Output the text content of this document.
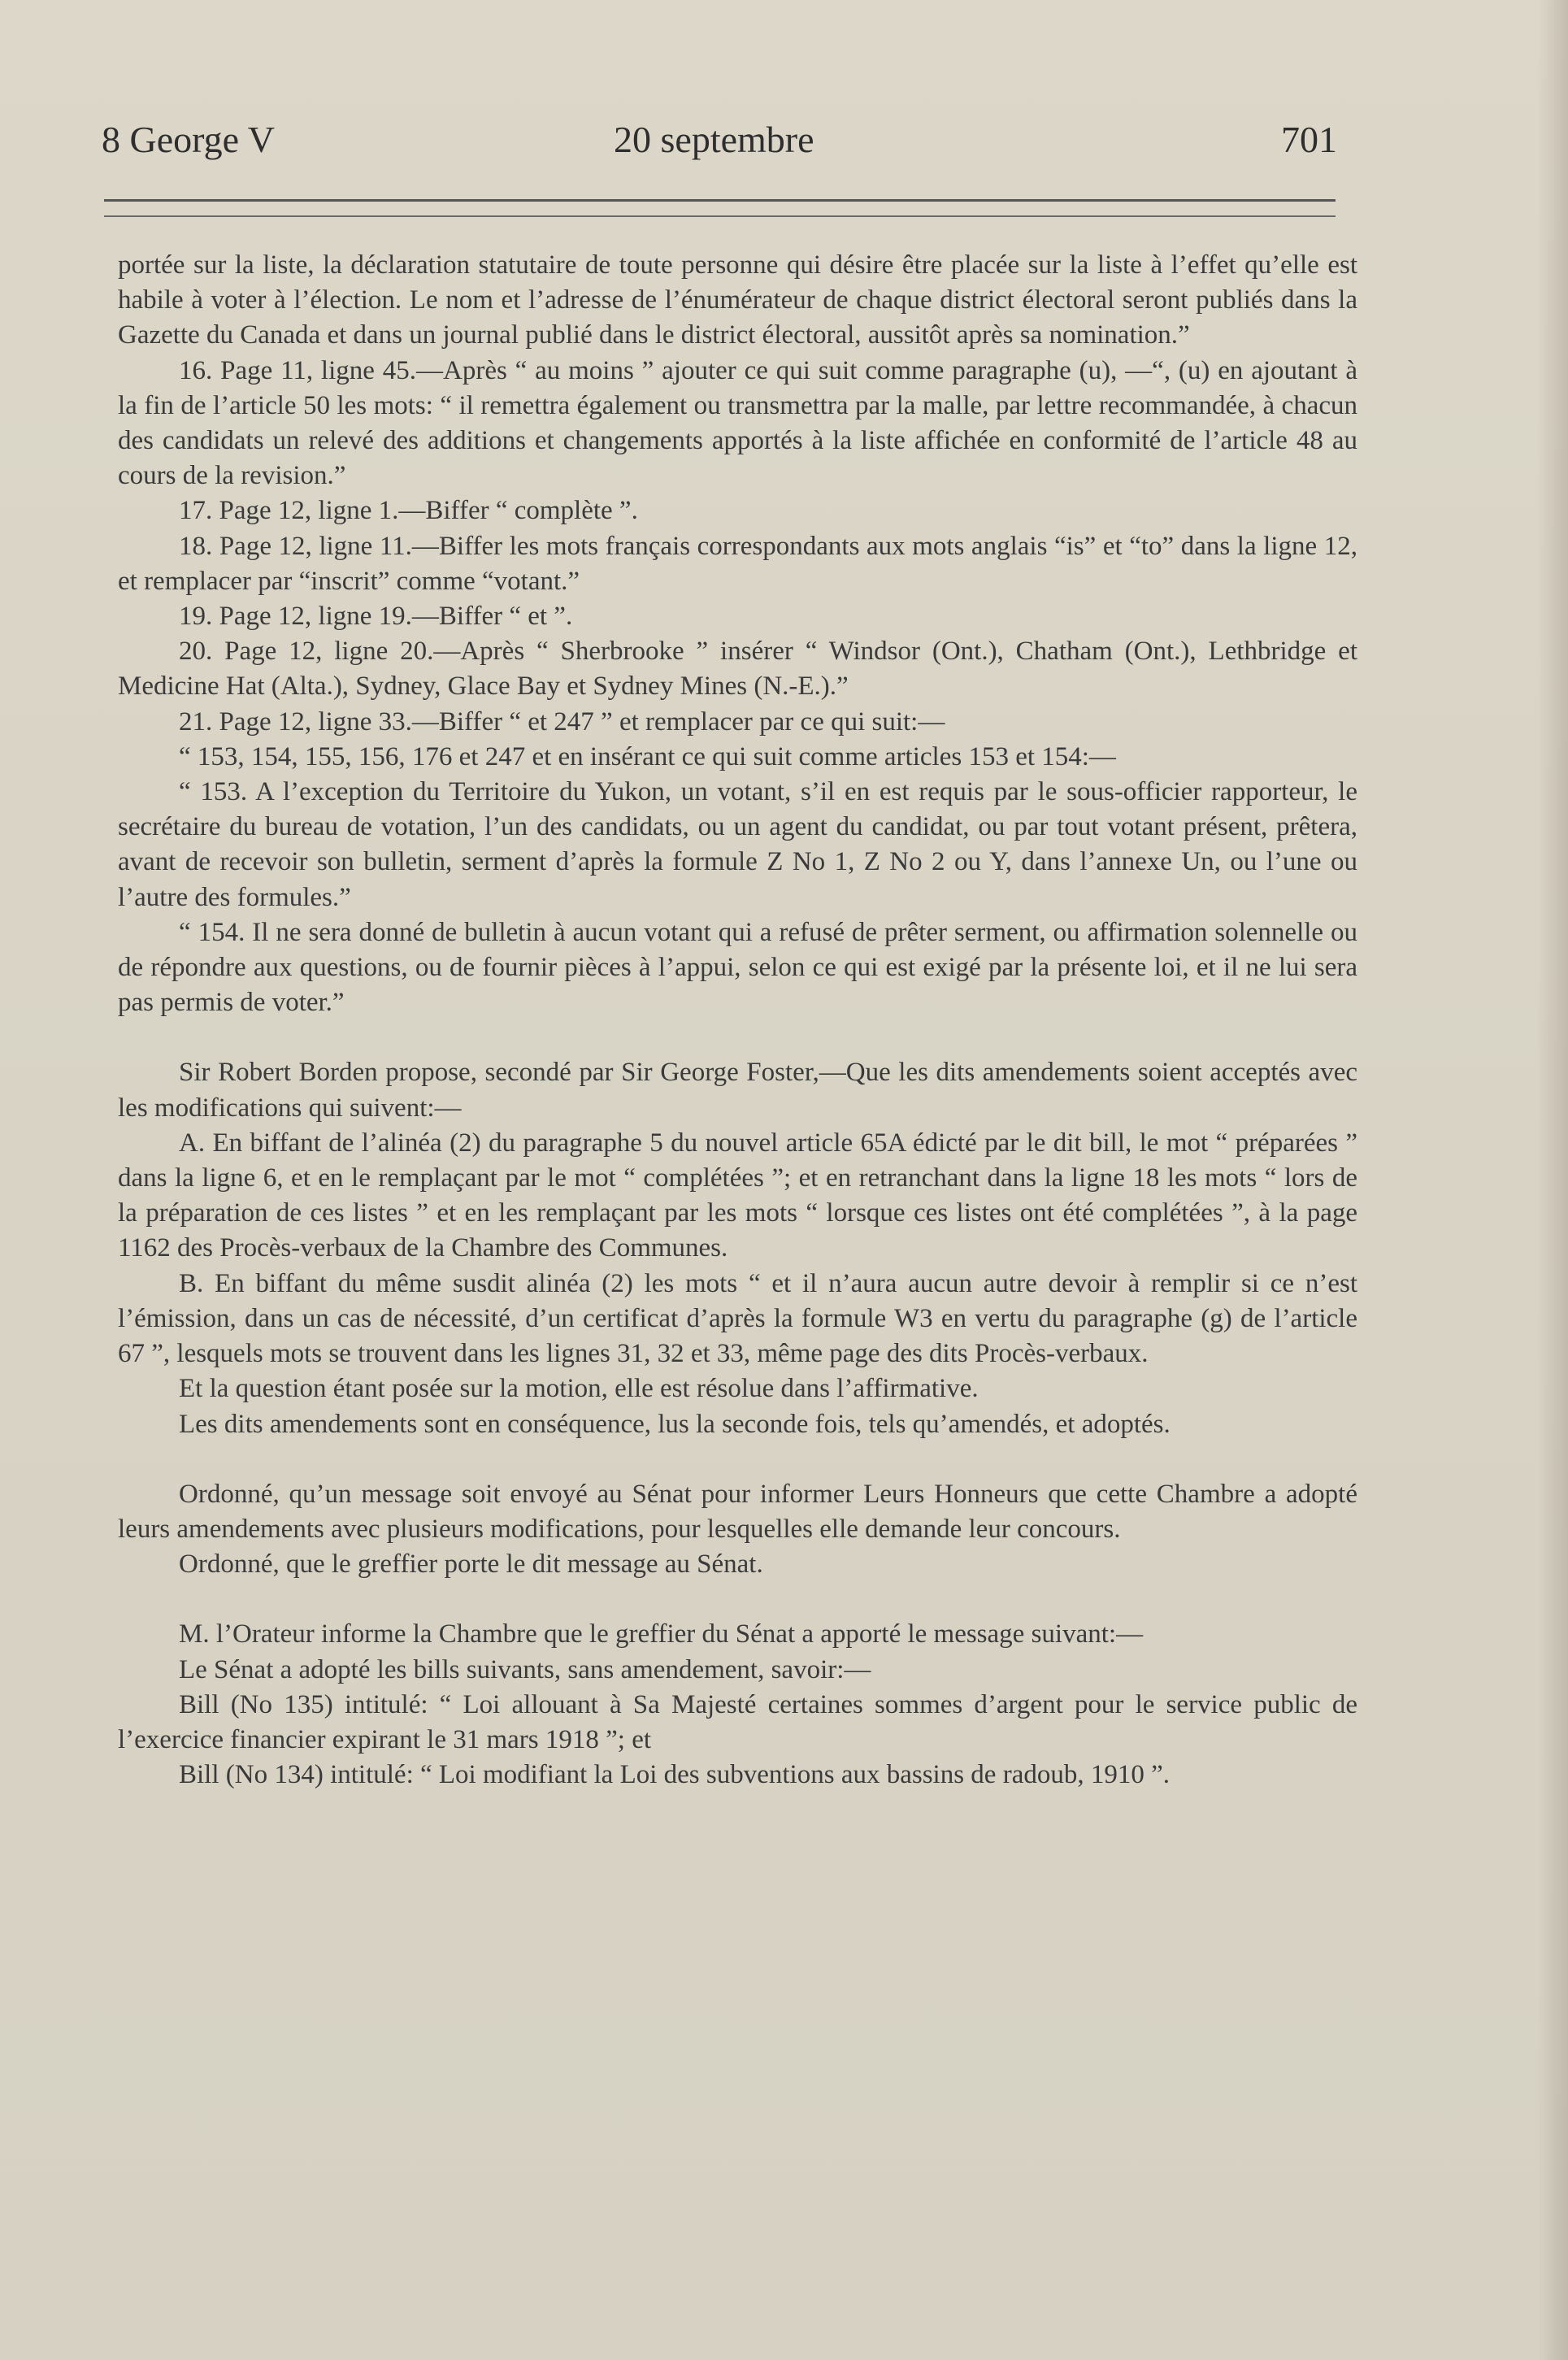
8 George V	20 septembre	701

portée sur la liste, la déclaration statutaire de toute personne qui désire être placée sur la liste à l’effet qu’elle est habile à voter à l’élection. Le nom et l’adresse de l’énumérateur de chaque district électoral seront publiés dans la Gazette du Canada et dans un journal publié dans le district électoral, aussitôt après sa nomination.”

16. Page 11, ligne 45.—Après “ au moins ” ajouter ce qui suit comme paragraphe (u), —“, (u) en ajoutant à la fin de l’article 50 les mots: “ il remettra également ou transmettra par la malle, par lettre recommandée, à chacun des candidats un relevé des additions et changements apportés à la liste affichée en conformité de l’article 48 au cours de la revision.”

17. Page 12, ligne 1.—Biffer “ complète ”.

18. Page 12, ligne 11.—Biffer les mots français correspondants aux mots anglais “is” et “to” dans la ligne 12, et remplacer par “inscrit” comme “votant.”

19. Page 12, ligne 19.—Biffer “ et ”.

20. Page 12, ligne 20.—Après “ Sherbrooke ” insérer “ Windsor (Ont.), Chatham (Ont.), Lethbridge et Medicine Hat (Alta.), Sydney, Glace Bay et Sydney Mines (N.-E.).”

21. Page 12, ligne 33.—Biffer “ et 247 ” et remplacer par ce qui suit:—

“ 153, 154, 155, 156, 176 et 247 et en insérant ce qui suit comme articles 153 et 154:—

“ 153. A l’exception du Territoire du Yukon, un votant, s’il en est requis par le sous-officier rapporteur, le secrétaire du bureau de votation, l’un des candidats, ou un agent du candidat, ou par tout votant présent, prêtera, avant de recevoir son bulletin, serment d’après la formule Z No 1, Z No 2 ou Y, dans l’annexe Un, ou l’une ou l’autre des formules.”

“ 154. Il ne sera donné de bulletin à aucun votant qui a refusé de prêter serment, ou affirmation solennelle ou de répondre aux questions, ou de fournir pièces à l’appui, selon ce qui est exigé par la présente loi, et il ne lui sera pas permis de voter.”

Sir Robert Borden propose, secondé par Sir George Foster,—Que les dits amendements soient acceptés avec les modifications qui suivent:—

A. En biffant de l’alinéa (2) du paragraphe 5 du nouvel article 65A édicté par le dit bill, le mot “ préparées ” dans la ligne 6, et en le remplaçant par le mot “ complétées ”; et en retranchant dans la ligne 18 les mots “ lors de la préparation de ces listes ” et en les remplaçant par les mots “ lorsque ces listes ont été complétées ”, à la page 1162 des Procès-verbaux de la Chambre des Communes.

B. En biffant du même susdit alinéa (2) les mots “ et il n’aura aucun autre devoir à remplir si ce n’est l’émission, dans un cas de nécessité, d’un certificat d’après la formule W3 en vertu du paragraphe (g) de l’article 67 ”, lesquels mots se trouvent dans les lignes 31, 32 et 33, même page des dits Procès-verbaux.

Et la question étant posée sur la motion, elle est résolue dans l’affirmative.

Les dits amendements sont en conséquence, lus la seconde fois, tels qu’amendés, et adoptés.

Ordonné, qu’un message soit envoyé au Sénat pour informer Leurs Honneurs que cette Chambre a adopté leurs amendements avec plusieurs modifications, pour lesquelles elle demande leur concours.

Ordonné, que le greffier porte le dit message au Sénat.

M. l’Orateur informe la Chambre que le greffier du Sénat a apporté le message suivant:—

Le Sénat a adopté les bills suivants, sans amendement, savoir:—

Bill (No 135) intitulé: “ Loi allouant à Sa Majesté certaines sommes d’argent pour le service public de l’exercice financier expirant le 31 mars 1918 ”; et

Bill (No 134) intitulé: “ Loi modifiant la Loi des subventions aux bassins de radoub, 1910 ”.
